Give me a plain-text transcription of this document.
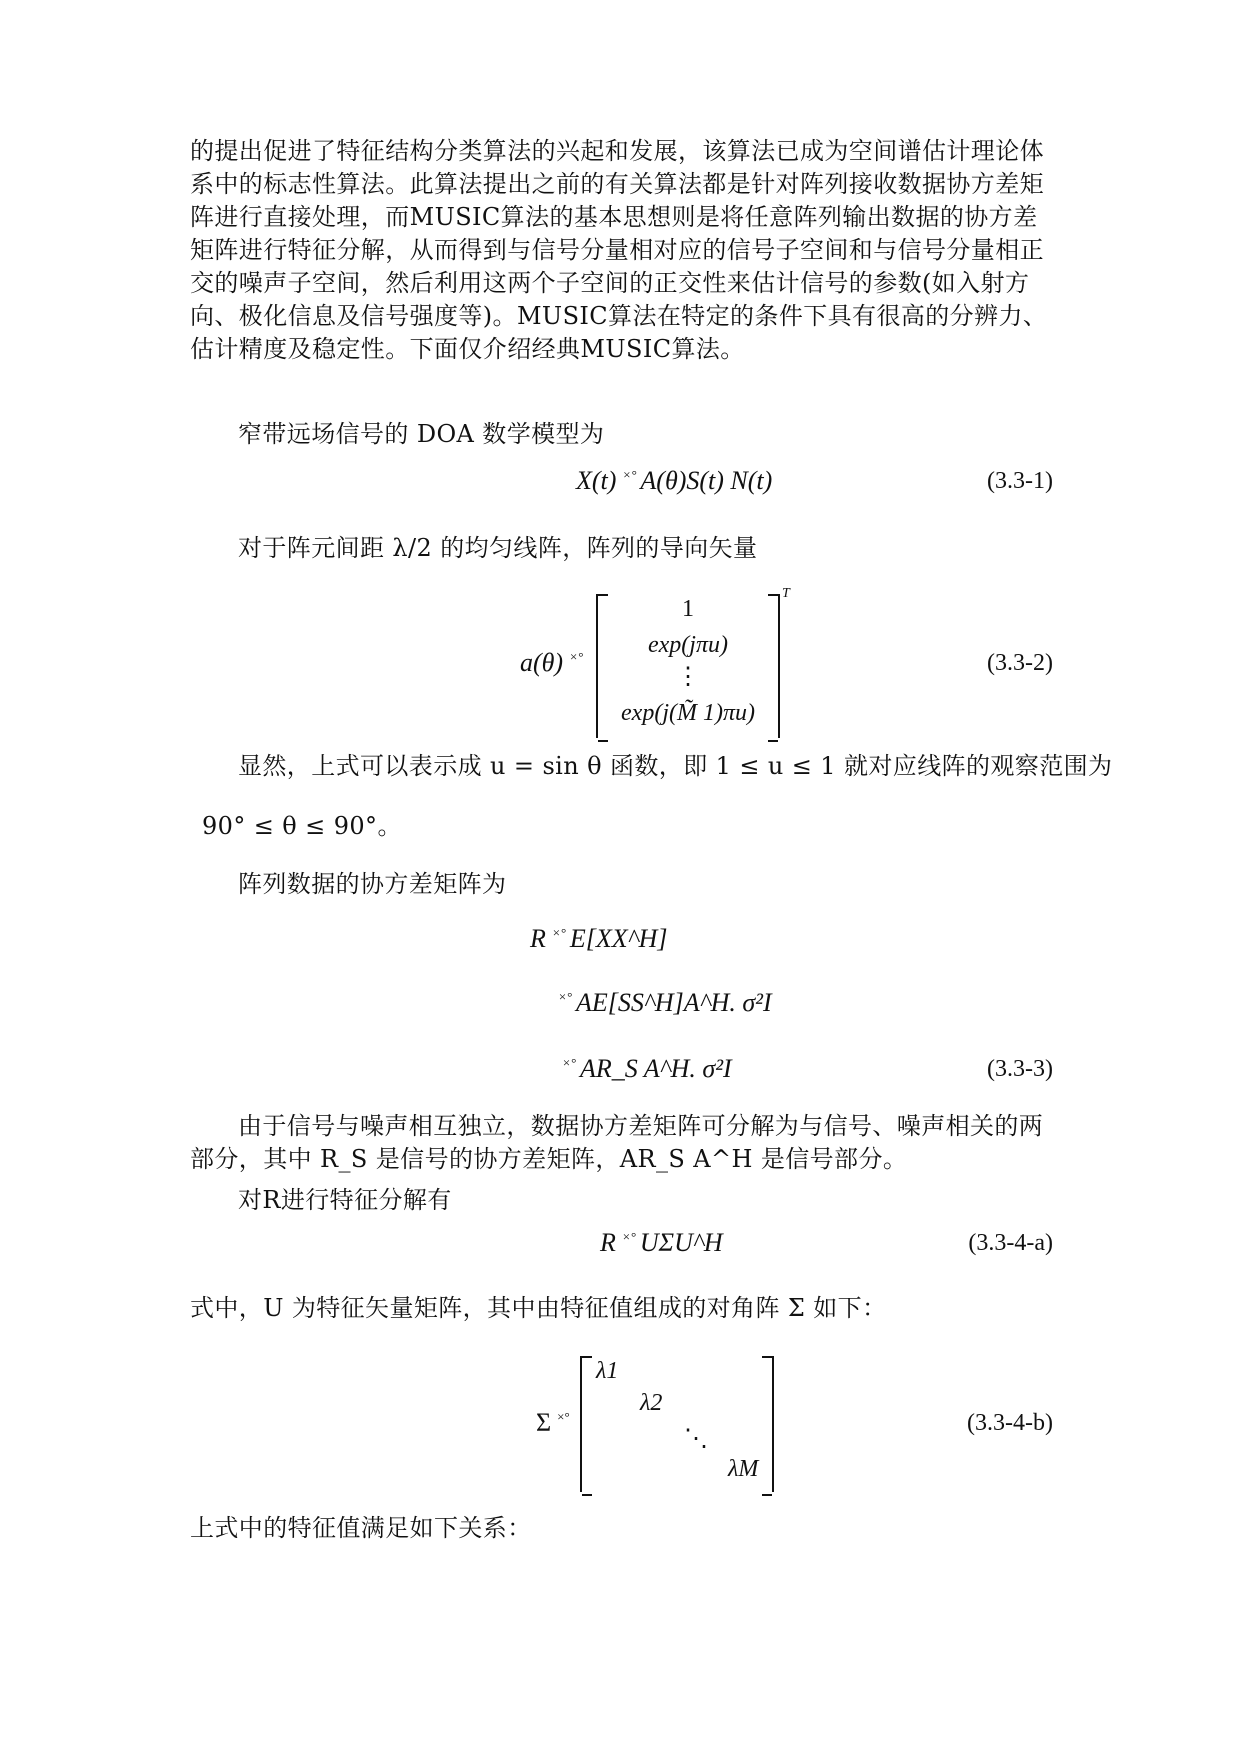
的提出促进了特征结构分类算法的兴起和发展，该算法已成为空间谱估计理论体
系中的标志性算法。此算法提出之前的有关算法都是针对阵列接收数据协方差矩
阵进行直接处理，而MUSIC算法的基本思想则是将任意阵列输出数据的协方差
矩阵进行特征分解，从而得到与信号分量相对应的信号子空间和与信号分量相正
交的噪声子空间，然后利用这两个子空间的正交性来估计信号的参数(如入射方
向、极化信息及信号强度等)。MUSIC算法在特定的条件下具有很高的分辨力、
估计精度及稳定性。下面仅介绍经典MUSIC算法。

窄带远场信号的 DOA 数学模型为

X(t) ×° A(θ)S(t) N(t)	(3.3-1)

对于阵元间距 λ/2 的均匀线阵，阵列的导向矢量

a(θ) ×°
1
exp(jπu)
⋮
exp(j(M̃ 1)πu)
T
(3.3-2)

显然，上式可以表示成 u = sin θ 函数，即 1 ≤ u ≤ 1 就对应线阵的观察范围为

90° ≤ θ ≤ 90°。

阵列数据的协方差矩阵为

R ×° E[XX^H]
×° AE[SS^H]A^H. σ²I
×° AR_S A^H. σ²I	(3.3-3)

由于信号与噪声相互独立，数据协方差矩阵可分解为与信号、噪声相关的两
部分，其中 R_S 是信号的协方差矩阵，AR_S A^H 是信号部分。

对R进行特征分解有

R ×° UΣU^H	(3.3-4-a)

式中，U 为特征矢量矩阵，其中由特征值组成的对角阵 Σ 如下：

Σ ×°
λ1
λ2
⋱
λM
(3.3-4-b)

上式中的特征值满足如下关系：
